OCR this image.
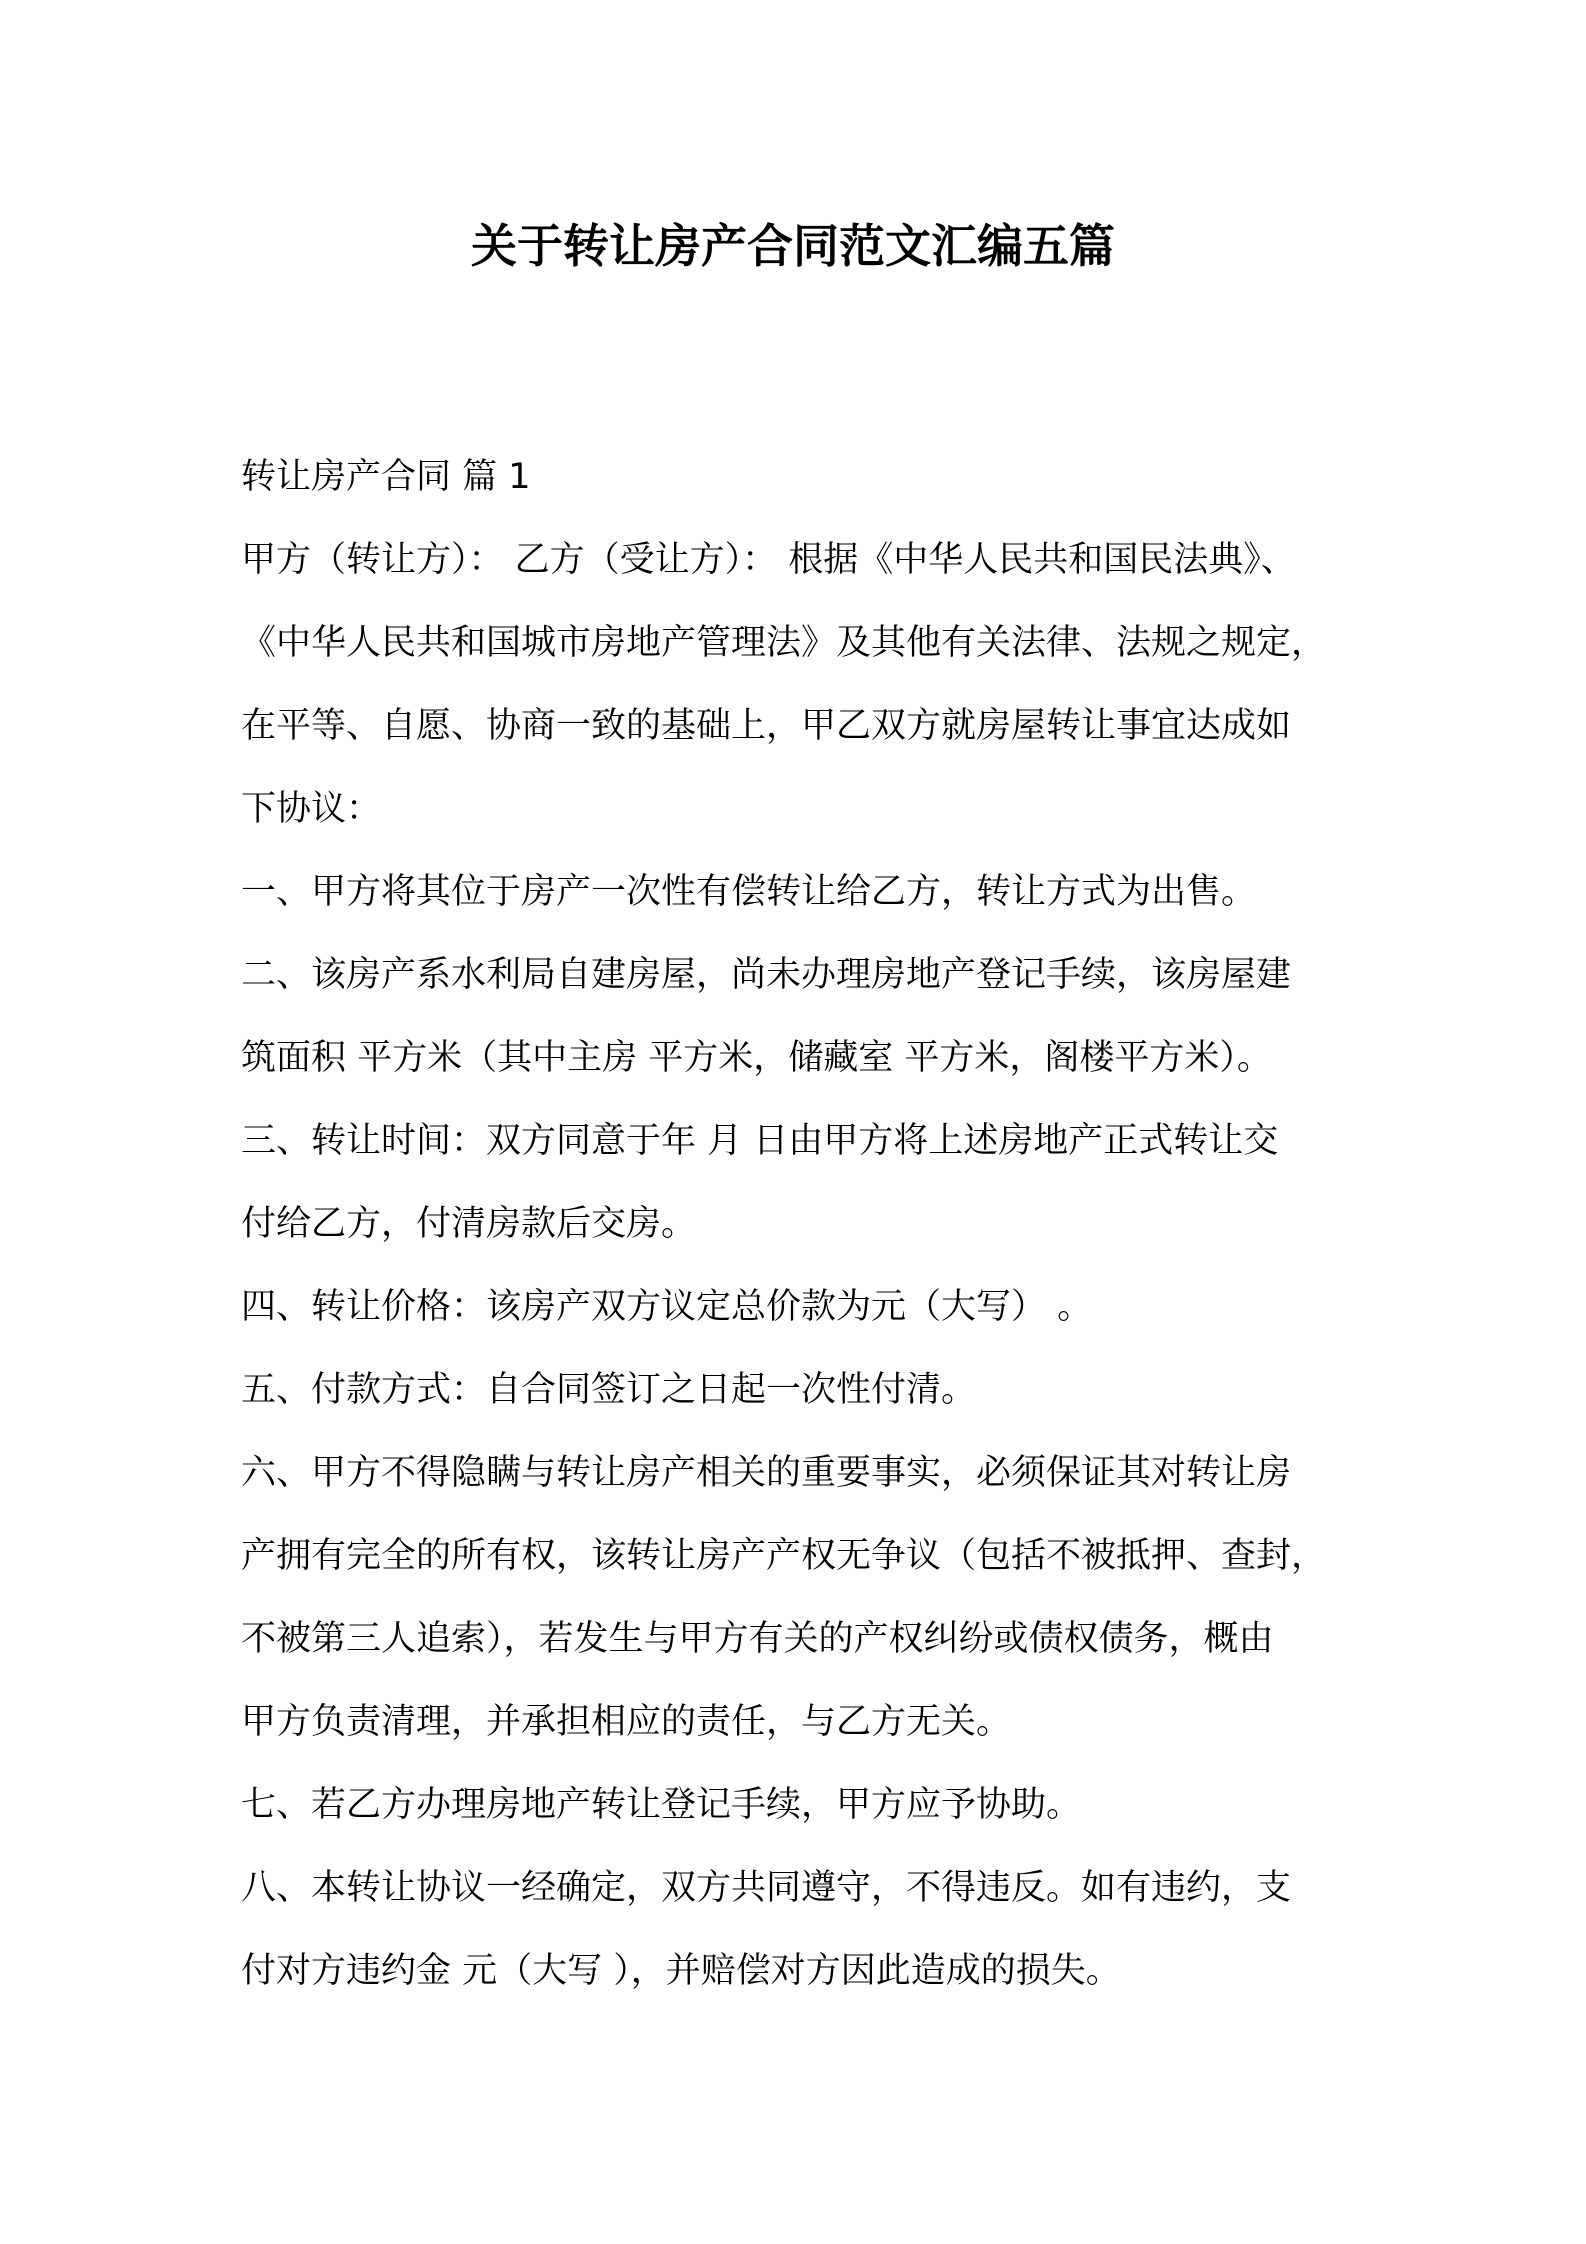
关于转让房产合同范文汇编五篇
转让房产合同 篇 1
甲方（转让方）： 乙方（受让方）： 根据《中华人民共和国民法典》、
《中华人民共和国城市房地产管理法》及其他有关法律、法规之规定，
在平等、自愿、协商一致的基础上，甲乙双方就房屋转让事宜达成如
下协议：
一、甲方将其位于房产一次性有偿转让给乙方，转让方式为出售。
二、该房产系水利局自建房屋，尚未办理房地产登记手续，该房屋建
筑面积 平方米（其中主房 平方米，储藏室 平方米，阁楼平方米）。
三、转让时间：双方同意于年 月 日由甲方将上述房地产正式转让交
付给乙方，付清房款后交房。
四、转让价格：该房产双方议定总价款为元（大写） 。
五、付款方式：自合同签订之日起一次性付清。
六、甲方不得隐瞒与转让房产相关的重要事实，必须保证其对转让房
产拥有完全的所有权，该转让房产产权无争议（包括不被抵押、查封，
不被第三人追索），若发生与甲方有关的产权纠纷或债权债务，概由
甲方负责清理，并承担相应的责任，与乙方无关。
七、若乙方办理房地产转让登记手续，甲方应予协助。
八、本转让协议一经确定，双方共同遵守，不得违反。如有违约，支
付对方违约金 元（大写 ），并赔偿对方因此造成的损失。
